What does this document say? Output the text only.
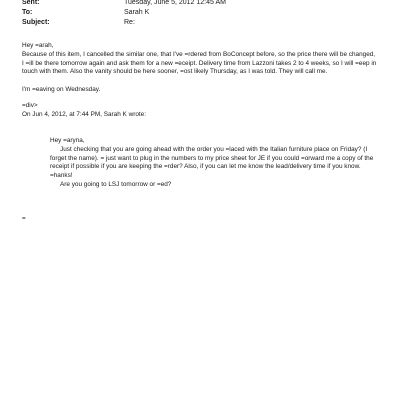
Sent:	Tuesday, June 5, 2012 12:45 AM
To:	Sarah K
Subject:	Re:

Hey =arah,

Because of this item, I cancelled the similar one, that I've =rdered from BoConcept before, so the price there will be changed, I =ill be there tomorrow again and ask them for a new =eceipt. Delivery time from Lazzoni takes 2 to 4 weeks, so I will =eep in touch with them. Also the vanity should be here sooner, =ost likely Thursday, as I was told. They will call me.

I'm =eaving on Wednesday.

=div>

On Jun 4, 2012, at 7:44 PM, Sarah K wrote:

Hey =aryna,

Just checking that you are going ahead with the order you =laced with the Italian furniture place on Friday? (I forget the name). = just want to plug in the numbers to my price sheet for JE if you could =orward me a copy of the receipt if possible if you are keeping the =rder? Also, if you can let me know the lead/delivery time if you know. =hanks!

Are you going to LSJ tomorrow or =ed?

=
